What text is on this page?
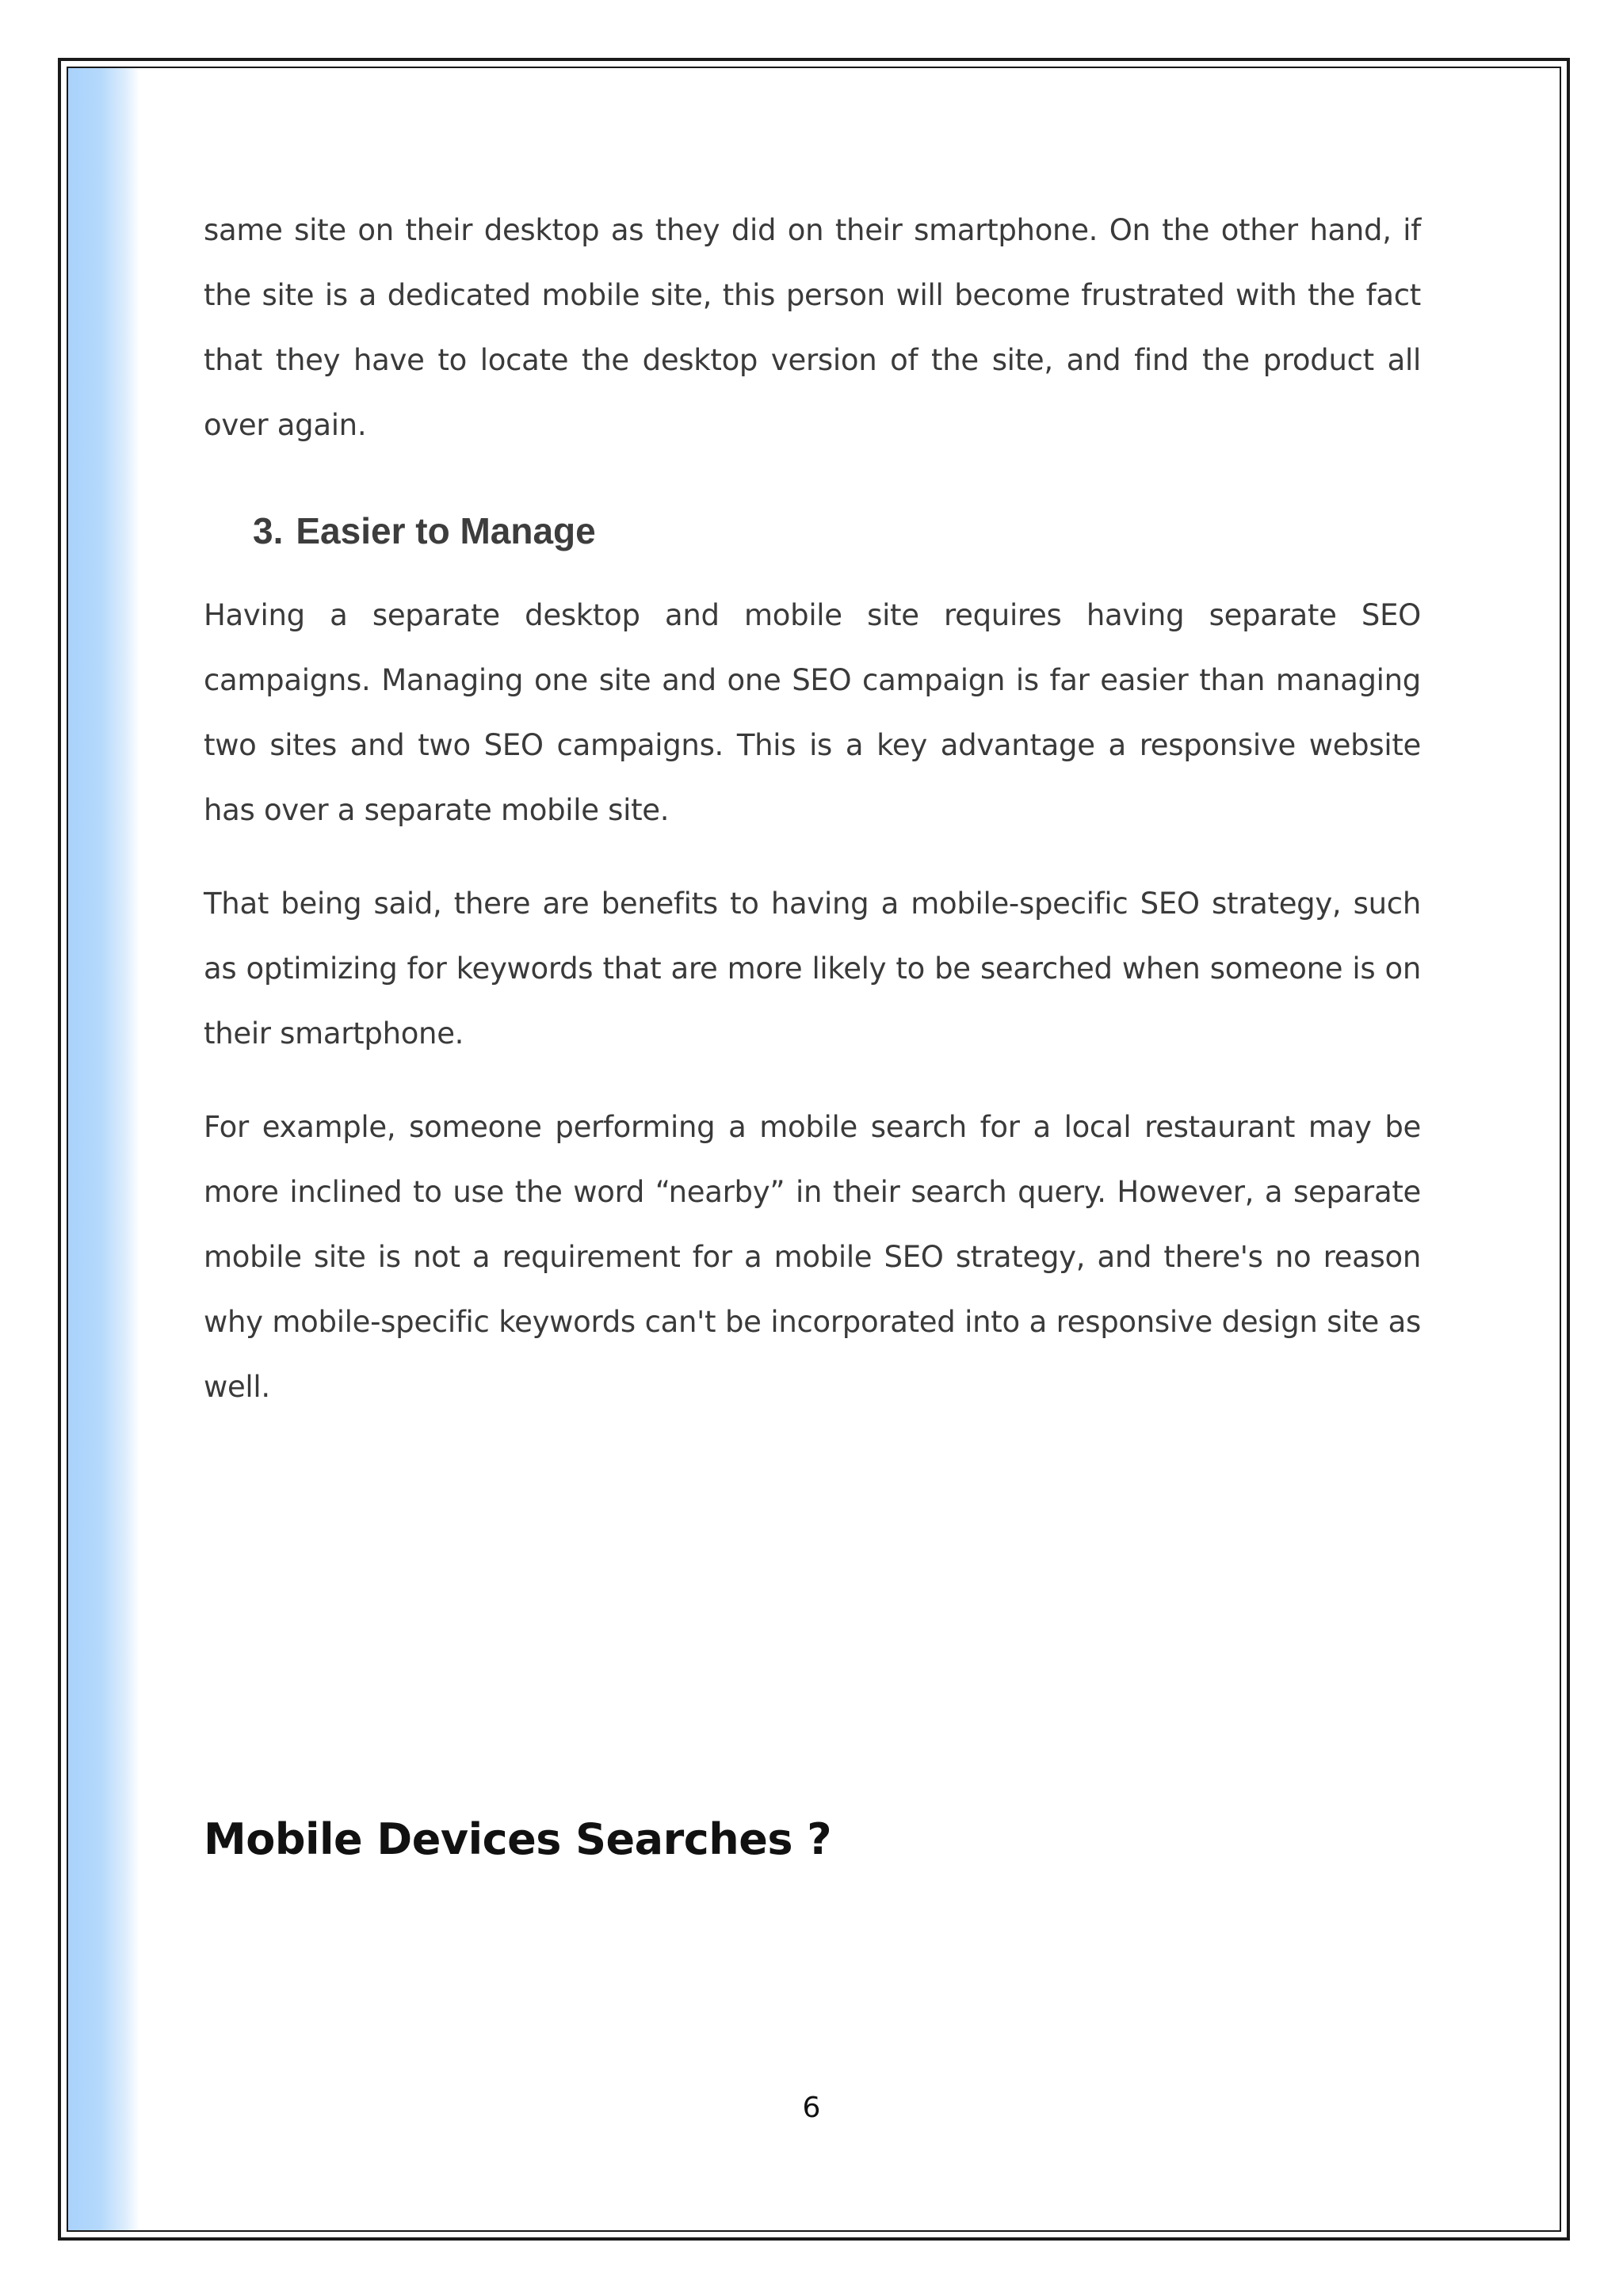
same site on their desktop as they did on their smartphone. On the other hand, if the site is a dedicated mobile site, this person will become frustrated with the fact that they have to locate the desktop version of the site, and find the product all over again.

3. Easier to Manage

Having a separate desktop and mobile site requires having separate SEO campaigns. Managing one site and one SEO campaign is far easier than managing two sites and two SEO campaigns. This is a key advantage a responsive website has over a separate mobile site.

That being said, there are benefits to having a mobile-specific SEO strategy, such as optimizing for keywords that are more likely to be searched when someone is on their smartphone.

For example, someone performing a mobile search for a local restaurant may be more inclined to use the word “nearby” in their search query. However, a separate mobile site is not a requirement for a mobile SEO strategy, and there's no reason why mobile-specific keywords can't be incorporated into a responsive design site as well.

Mobile Devices Searches ?
6
